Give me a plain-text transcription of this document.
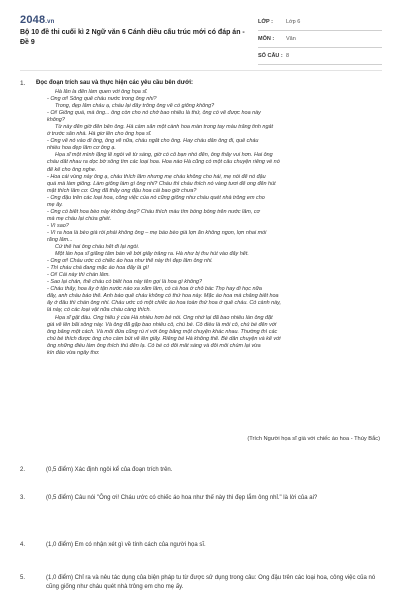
2048.vn
Bộ 10 đề thi cuối kì 2 Ngữ văn 6 Cánh diều cấu trúc mới có đáp án - Đề 9
LỚP : Lớp 6
MÔN : Văn
SỐ CÂU : 8
1. Đọc đoạn trích sau và thực hiện các yêu cầu bên dưới:
Hà lân la đến làm quen với ông họa sĩ.
- Ông ơi! Sông quê cháu nước trong ông nhỉ?
Trong, đẹp lắm cháu ạ, cháu lại đây trông ông vẽ có giống không?
- Ôi! Giống quá, mà ông... ông còn cho nó chở bao nhiêu là thứ, ông có vẽ được hoa này
không?
Từ này đến giờ đến bên ông. Hà cầm sẵn một cành hoa màn trong tay màu trắng tinh ngát
ở trước sân nhà. Hà giơ lên cho ông họa sĩ.
- Ông vẽ nó vào đi ông, ông vẽ nữa, cháu ngắt cho ông. Hay cháu dẫn ông đi, quê cháu
nhiều hoa đẹp lắm cơ ông ạ.
Họa sĩ một mình lặng lẽ ngồi vẽ từ sáng, giờ có cô bạn nhỏ đến, ông thấy vui hơn. Hai ông
cháu dắt nhau ra dọc bờ sông tìm các loại hoa. Hoa nào Hà cũng có một câu chuyện riêng về nó
để kể cho ông nghe.
- Hoa cải vùng này ông ạ, cháu thích lắm nhưng mẹ cháu không cho hái, mẹ nói để nó đậu
quả mà làm giống. Làm giống làm gì ông nhỉ? Cháu thì cháu thích nó vàng tươi để ong đến hút
mật thích lắm cơ. Ông đã thấy ong đậu hoa cải bao giờ chưa?
- Ong đậu trên các loại hoa, công việc của nó cũng giống như cháu quét nhà trông em cho
mẹ ấy.
- Ông có biết hoa bèo này không ông? Cháu thích màu tím bồng bồng trên nước lắm, cơ
mà mẹ cháu lại chửa ghét.
- Vì sao?
- Vì ra hoa là bèo già rồi phải không ông – mẹ bảo bèo già lợn ăn không ngon, lợn nhai mỏi
răng lắm...
Cứ thế hai ông cháu hết đi lại ngồi.
Một lần họa sĩ giăng tấm bản vẽ bởi giấy trắng ra. Hà như bị thu hút vào đấy hết.
- Ông ơi! Cháu ước có chiếc áo hoa như thế này thì đẹp lắm ông nhỉ.
- Thì cháu chả đang mặc áo hoa đấy là gì!
- Ôi! Cái này thì chán lắm.
- Sao lại chán, thế cháu có biết hoa này tên gọi là hoa gì không?
- Cháu thấy, hoa ấy ở tận nước nào xa xăm lắm, có cả hoa ở chỗ bác Thọ hay đi học nữa
đấy, anh cháu bảo thế. Anh bảo quê cháu không có thứ hoa này. Mặc áo hoa mà chẳng biết hoa
ấy ở đâu thì chán ông nhỉ. Cháu ước có một chiếc áo hoa toàn thứ hoa ở quê cháu. Có cành này,
lá này, có các loại vật nữa cháu càng thích.
Họa sĩ gật đầu. Ông hiểu ý của Hà nhiều hơn bé nói. Ông nhớ lại đã bao nhiêu lần ông đặt
giá vẽ lên bãi sông này. Và ông đã gặp bao nhiêu cô, chú bé. Cô điều là mỗi cô, chú bé đến với
ông bằng một cách. Và mỗi đứa cũng rủ rỉ với ông bằng một chuyện khác nhau. Thường thì các
chú bé thích được ông cho cầm bút vẽ lên giấy. Riêng bé Hà không thế. Bé dẫn chuyện và kể với
ông những điều làm ông thích thú đến lạ. Có bé có đôi mắt sáng và đôi môi chúm lại vừa
kín đáo vừa ngây thơ.
(Trích Người họa sĩ già với chiếc áo hoa - Thúy Bắc)
2.	(0,5 điểm) Xác định ngôi kể của đoạn trích trên.
3.	(0,5 điểm) Câu nói "Ông ơi! Cháu ước có chiếc áo hoa như thế này thì đẹp lắm ông nhỉ." là lời của ai?
4.	(1,0 điểm) Em có nhận xét gì về tính cách của người họa sĩ.
5.	(1,0 điểm) Chỉ ra và nêu tác dụng của biện pháp tu từ được sử dụng trong câu: Ong đậu trên các loại hoa, công việc của nó cũng giống như cháu quét nhà trông em cho mẹ ấy.
